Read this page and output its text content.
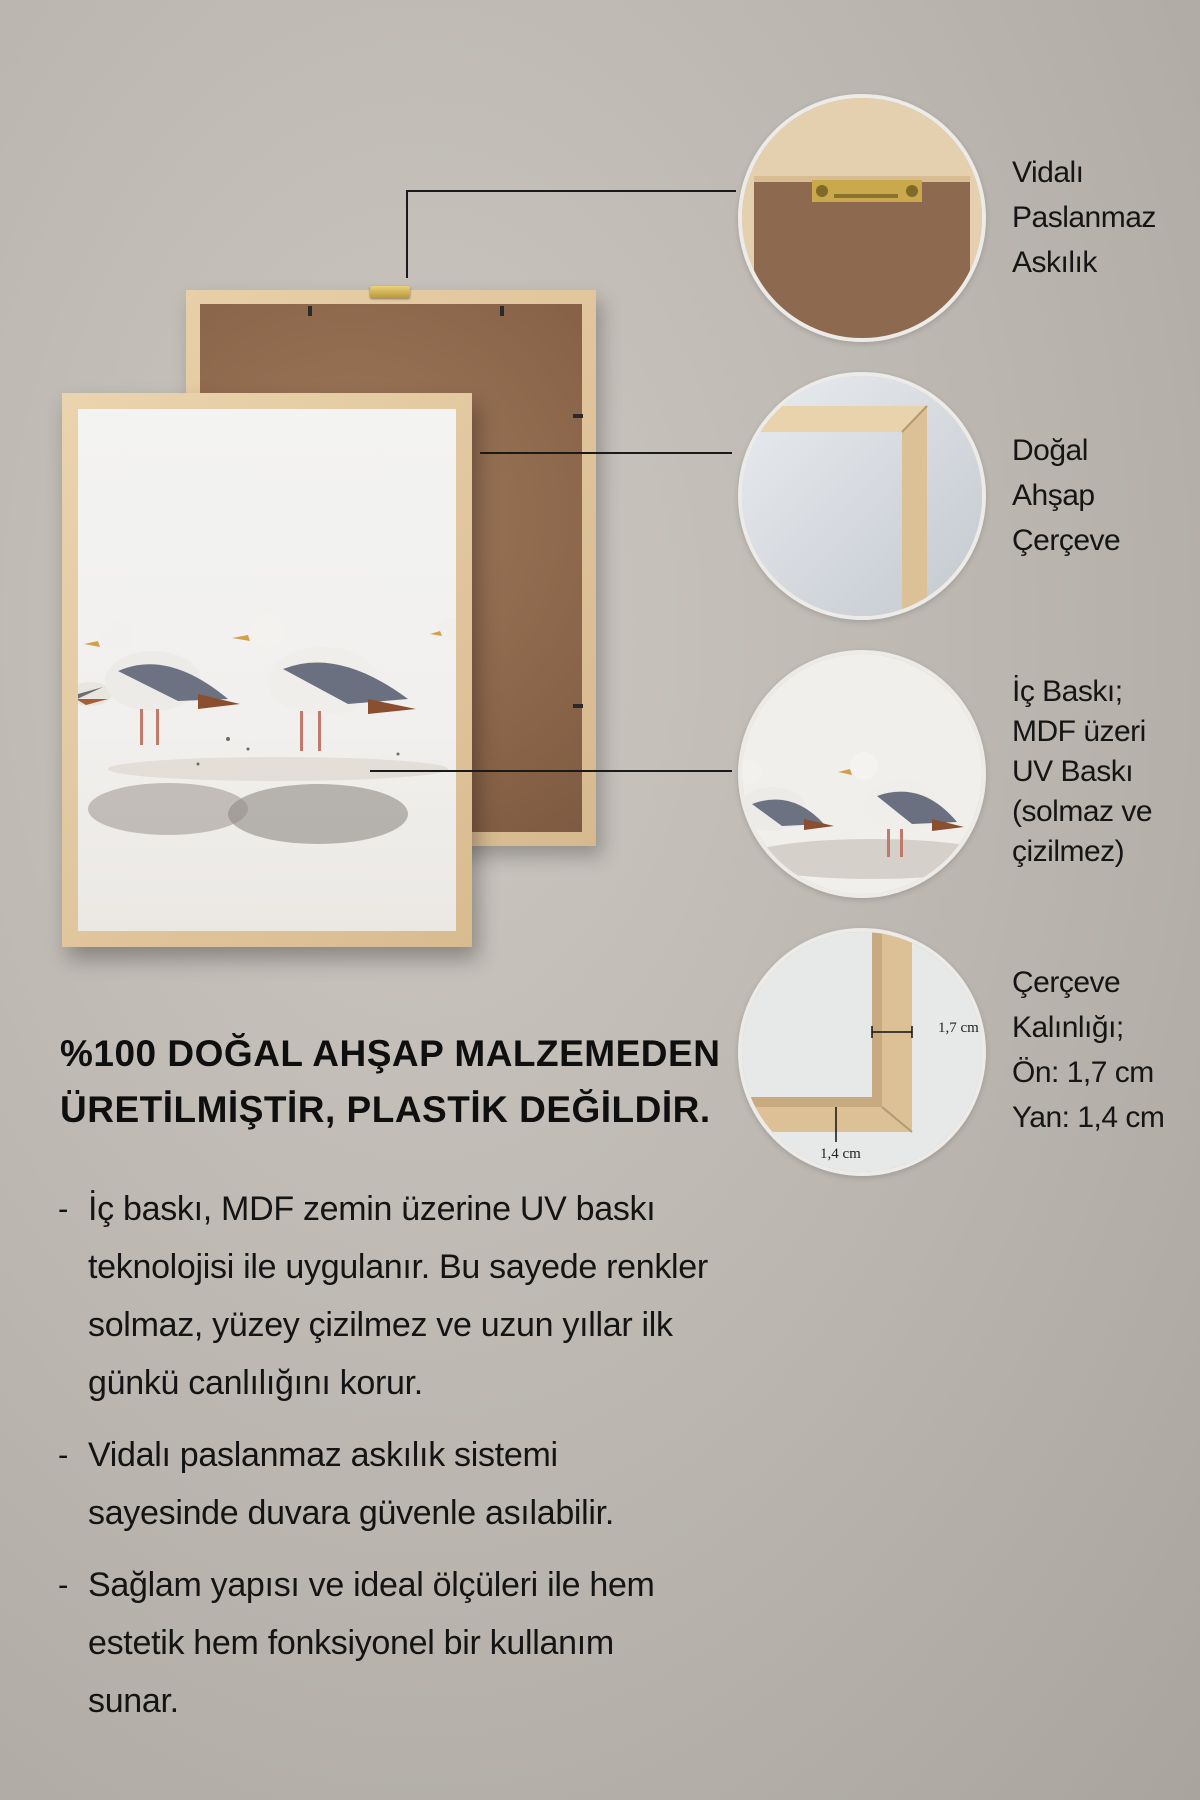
Vidalı
Paslanmaz
Askılık
Doğal
Ahşap
Çerçeve
İç Baskı;
MDF üzeri
UV Baskı
(solmaz ve
çizilmez)
1,7 cm
1,4 cm
Çerçeve
Kalınlığı;
Ön: 1,7 cm
Yan: 1,4 cm
%100 DOĞAL AHŞAP MALZEMEDEN
ÜRETİLMİŞTİR, PLASTİK DEĞİLDİR.
- İç baskı, MDF zemin üzerine UV baskı
teknolojisi ile uygulanır. Bu sayede renkler
solmaz, yüzey çizilmez ve uzun yıllar ilk
günkü canlılığını korur.
- Vidalı paslanmaz askılık sistemi
sayesinde duvara güvenle asılabilir.
- Sağlam yapısı ve ideal ölçüleri ile hem
estetik hem fonksiyonel bir kullanım
sunar.
